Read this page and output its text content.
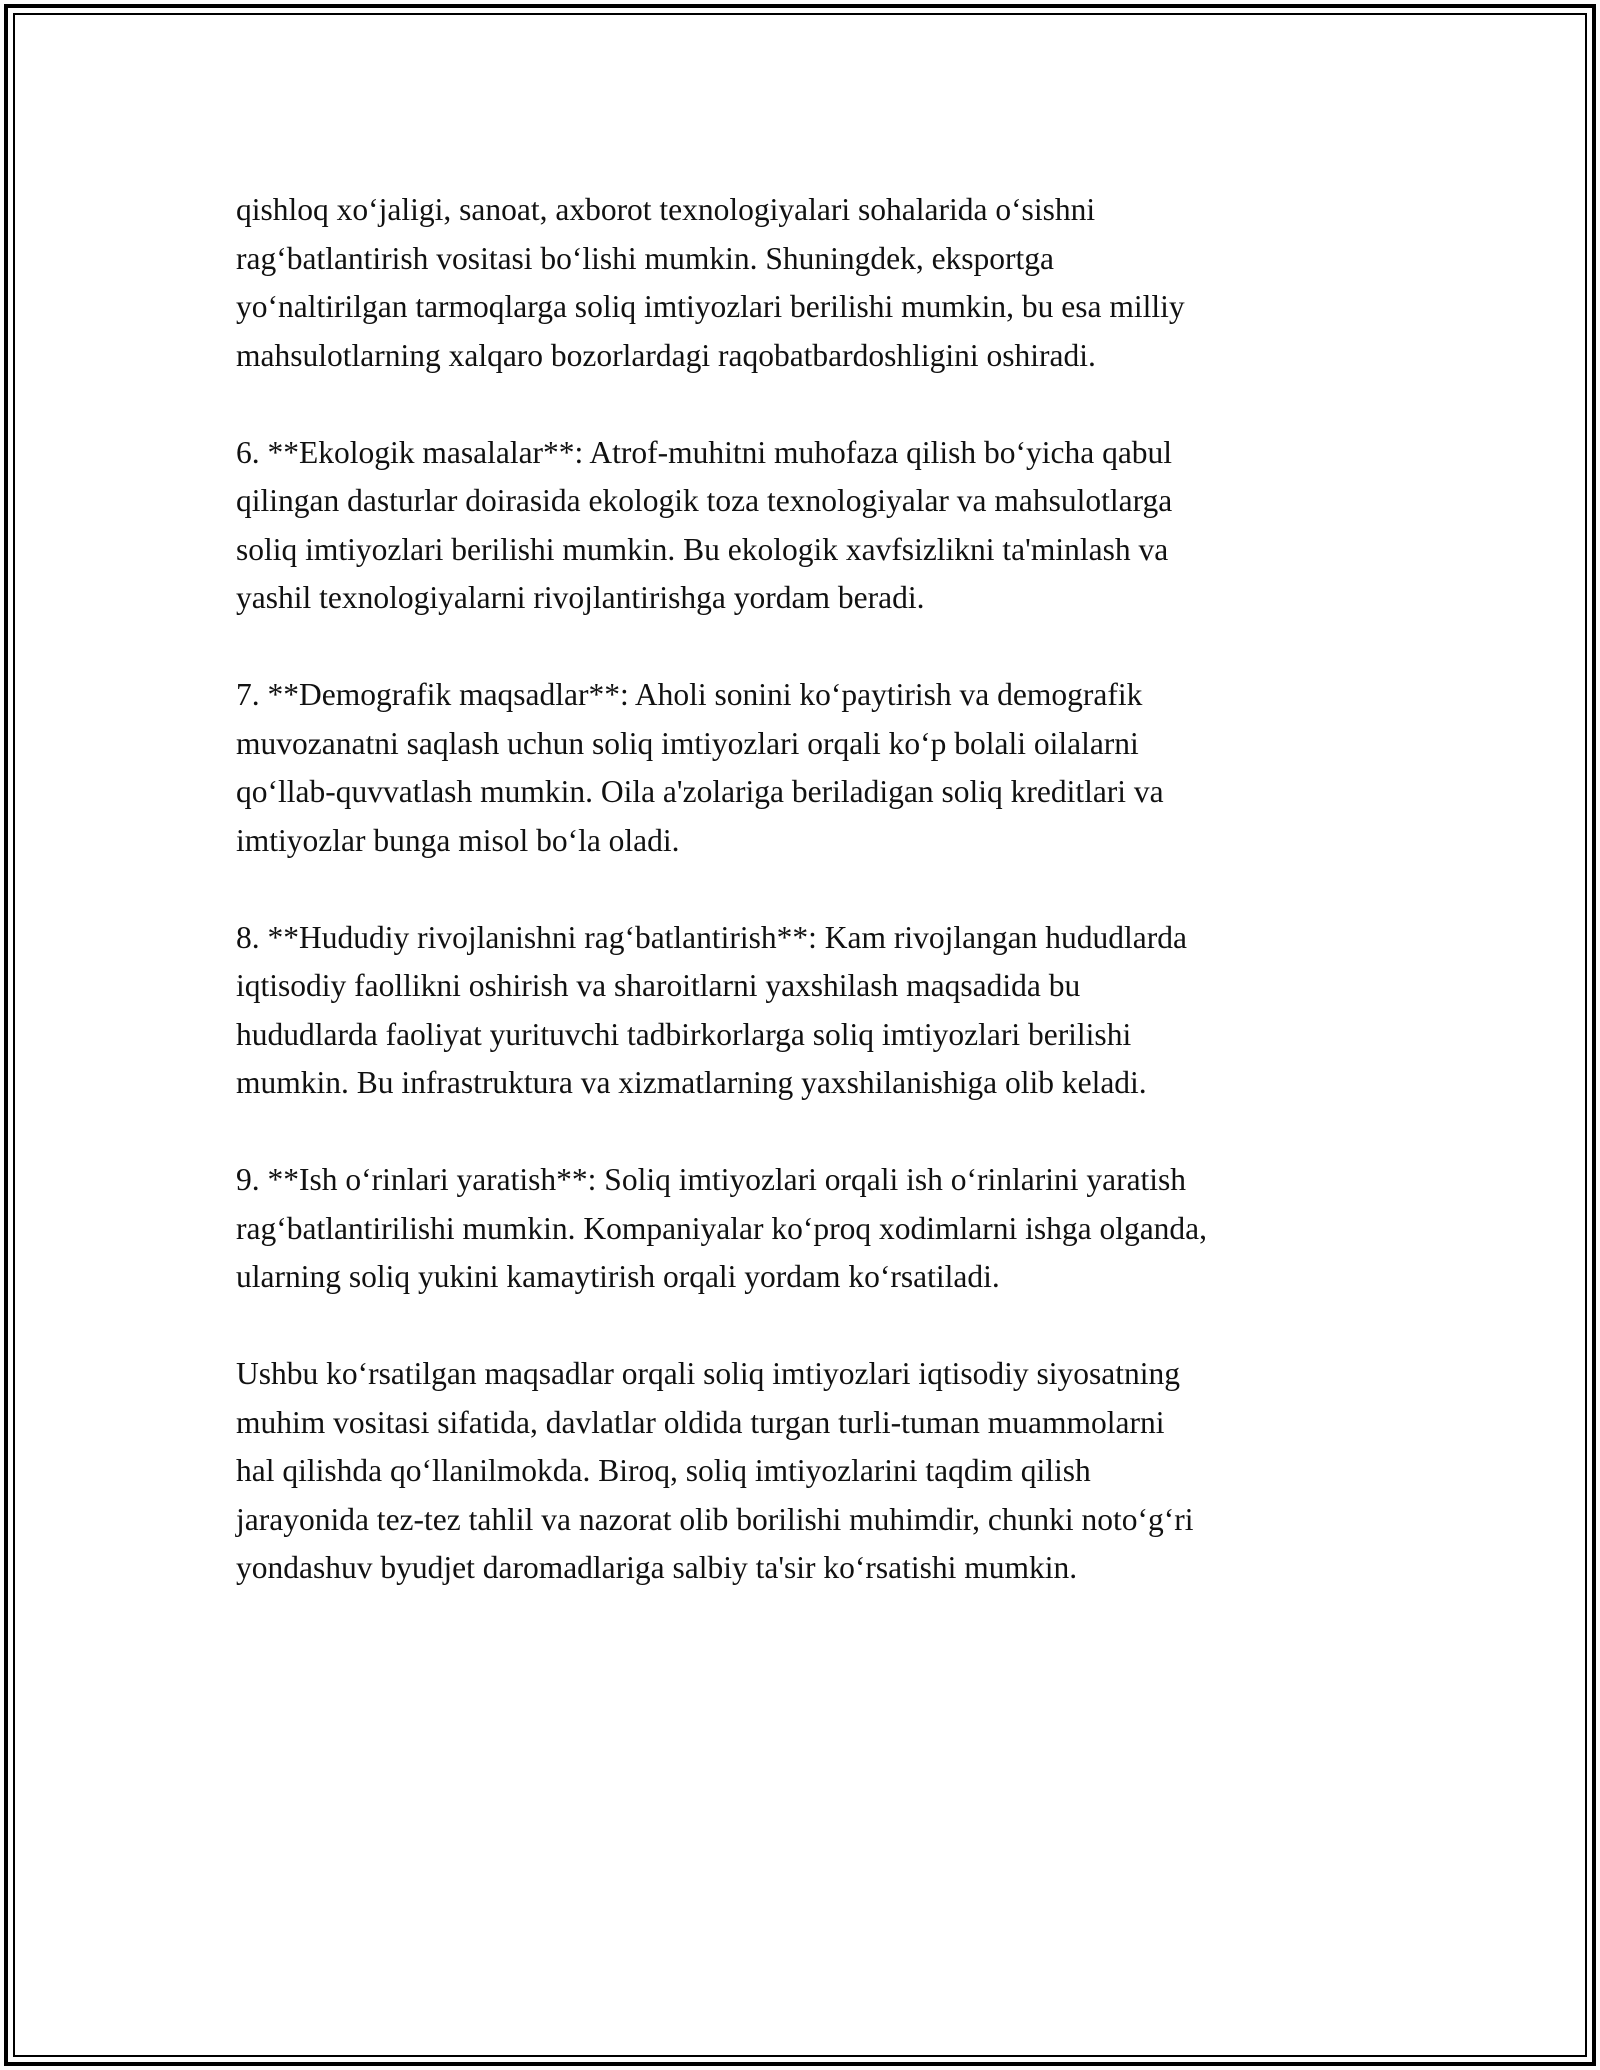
qishloq xo‘jaligi, sanoat, axborot texnologiyalari sohalarida o‘sishni
rag‘batlantirish vositasi bo‘lishi mumkin. Shuningdek, eksportga
yo‘naltirilgan tarmoqlarga soliq imtiyozlari berilishi mumkin, bu esa milliy
mahsulotlarning xalqaro bozorlardagi raqobatbardoshligini oshiradi.

6. **Ekologik masalalar**: Atrof-muhitni muhofaza qilish bo‘yicha qabul
qilingan dasturlar doirasida ekologik toza texnologiyalar va mahsulotlarga
soliq imtiyozlari berilishi mumkin. Bu ekologik xavfsizlikni ta'minlash va
yashil texnologiyalarni rivojlantirishga yordam beradi.

7. **Demografik maqsadlar**: Aholi sonini ko‘paytirish va demografik
muvozanatni saqlash uchun soliq imtiyozlari orqali ko‘p bolali oilalarni
qo‘llab-quvvatlash mumkin. Oila a'zolariga beriladigan soliq kreditlari va
imtiyozlar bunga misol bo‘la oladi.

8. **Hududiy rivojlanishni rag‘batlantirish**: Kam rivojlangan hududlarda
iqtisodiy faollikni oshirish va sharoitlarni yaxshilash maqsadida bu
hududlarda faoliyat yurituvchi tadbirkorlarga soliq imtiyozlari berilishi
mumkin. Bu infrastruktura va xizmatlarning yaxshilanishiga olib keladi.

9. **Ish o‘rinlari yaratish**: Soliq imtiyozlari orqali ish o‘rinlarini yaratish
rag‘batlantirilishi mumkin. Kompaniyalar ko‘proq xodimlarni ishga olganda,
ularning soliq yukini kamaytirish orqali yordam ko‘rsatiladi.

Ushbu ko‘rsatilgan maqsadlar orqali soliq imtiyozlari iqtisodiy siyosatning
muhim vositasi sifatida, davlatlar oldida turgan turli-tuman muammolarni
hal qilishda qo‘llanilmokda. Biroq, soliq imtiyozlarini taqdim qilish
jarayonida tez-tez tahlil va nazorat olib borilishi muhimdir, chunki noto‘g‘ri
yondashuv byudjet daromadlariga salbiy ta'sir ko‘rsatishi mumkin.
